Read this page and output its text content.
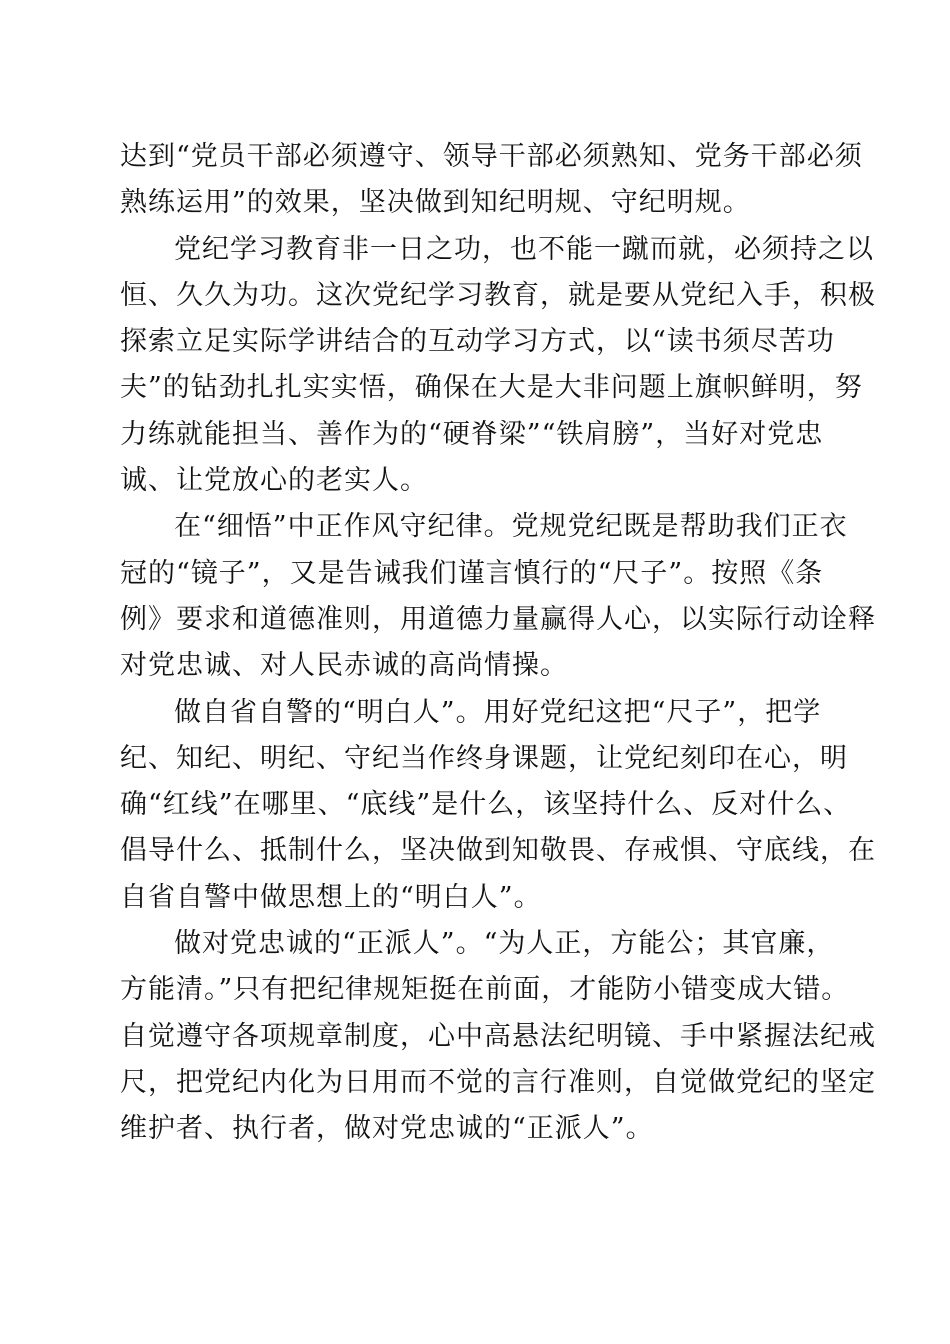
达到“党员干部必须遵守、领导干部必须熟知、党务干部必须
熟练运用”的效果，坚决做到知纪明规、守纪明规。
党纪学习教育非一日之功，也不能一蹴而就，必须持之以
恒、久久为功。这次党纪学习教育，就是要从党纪入手，积极
探索立足实际学讲结合的互动学习方式，以“读书须尽苦功
夫”的钻劲扎扎实实悟，确保在大是大非问题上旗帜鲜明，努
力练就能担当、善作为的“硬脊梁”“铁肩膀”，当好对党忠
诚、让党放心的老实人。
在“细悟”中正作风守纪律。党规党纪既是帮助我们正衣
冠的“镜子”，又是告诫我们谨言慎行的“尺子”。按照《条
例》要求和道德准则，用道德力量赢得人心，以实际行动诠释
对党忠诚、对人民赤诚的高尚情操。
做自省自警的“明白人”。用好党纪这把“尺子”，把学
纪、知纪、明纪、守纪当作终身课题，让党纪刻印在心，明
确“红线”在哪里、“底线”是什么，该坚持什么、反对什么、
倡导什么、抵制什么，坚决做到知敬畏、存戒惧、守底线，在
自省自警中做思想上的“明白人”。
做对党忠诚的“正派人”。“为人正，方能公；其官廉，
方能清。”只有把纪律规矩挺在前面，才能防小错变成大错。
自觉遵守各项规章制度，心中高悬法纪明镜、手中紧握法纪戒
尺，把党纪内化为日用而不觉的言行准则，自觉做党纪的坚定
维护者、执行者，做对党忠诚的“正派人”。
